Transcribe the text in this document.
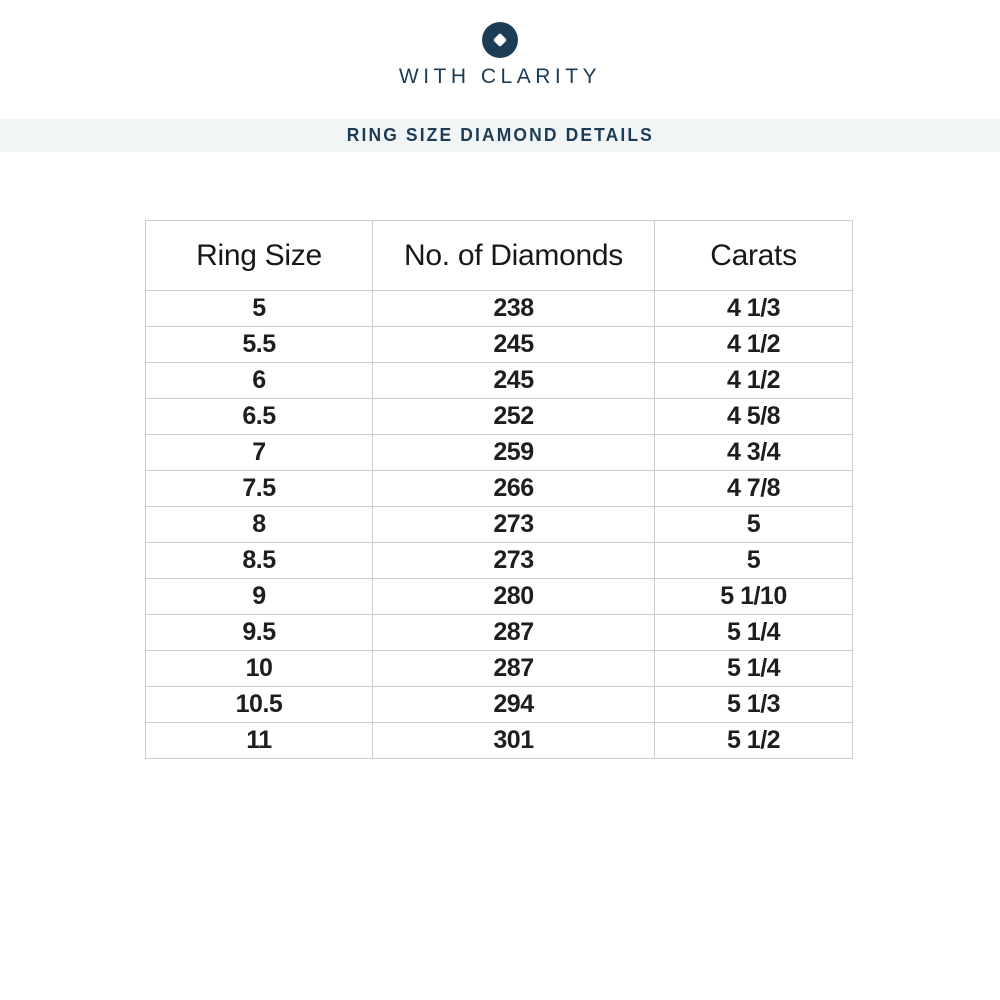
WITH CLARITY
RING SIZE DIAMOND DETAILS
Ring Size	No. of Diamonds	Carats
5	238	4 1/3
5.5	245	4 1/2
6	245	4 1/2
6.5	252	4 5/8
7	259	4 3/4
7.5	266	4 7/8
8	273	5
8.5	273	5
9	280	5 1/10
9.5	287	5 1/4
10	287	5 1/4
10.5	294	5 1/3
11	301	5 1/2
